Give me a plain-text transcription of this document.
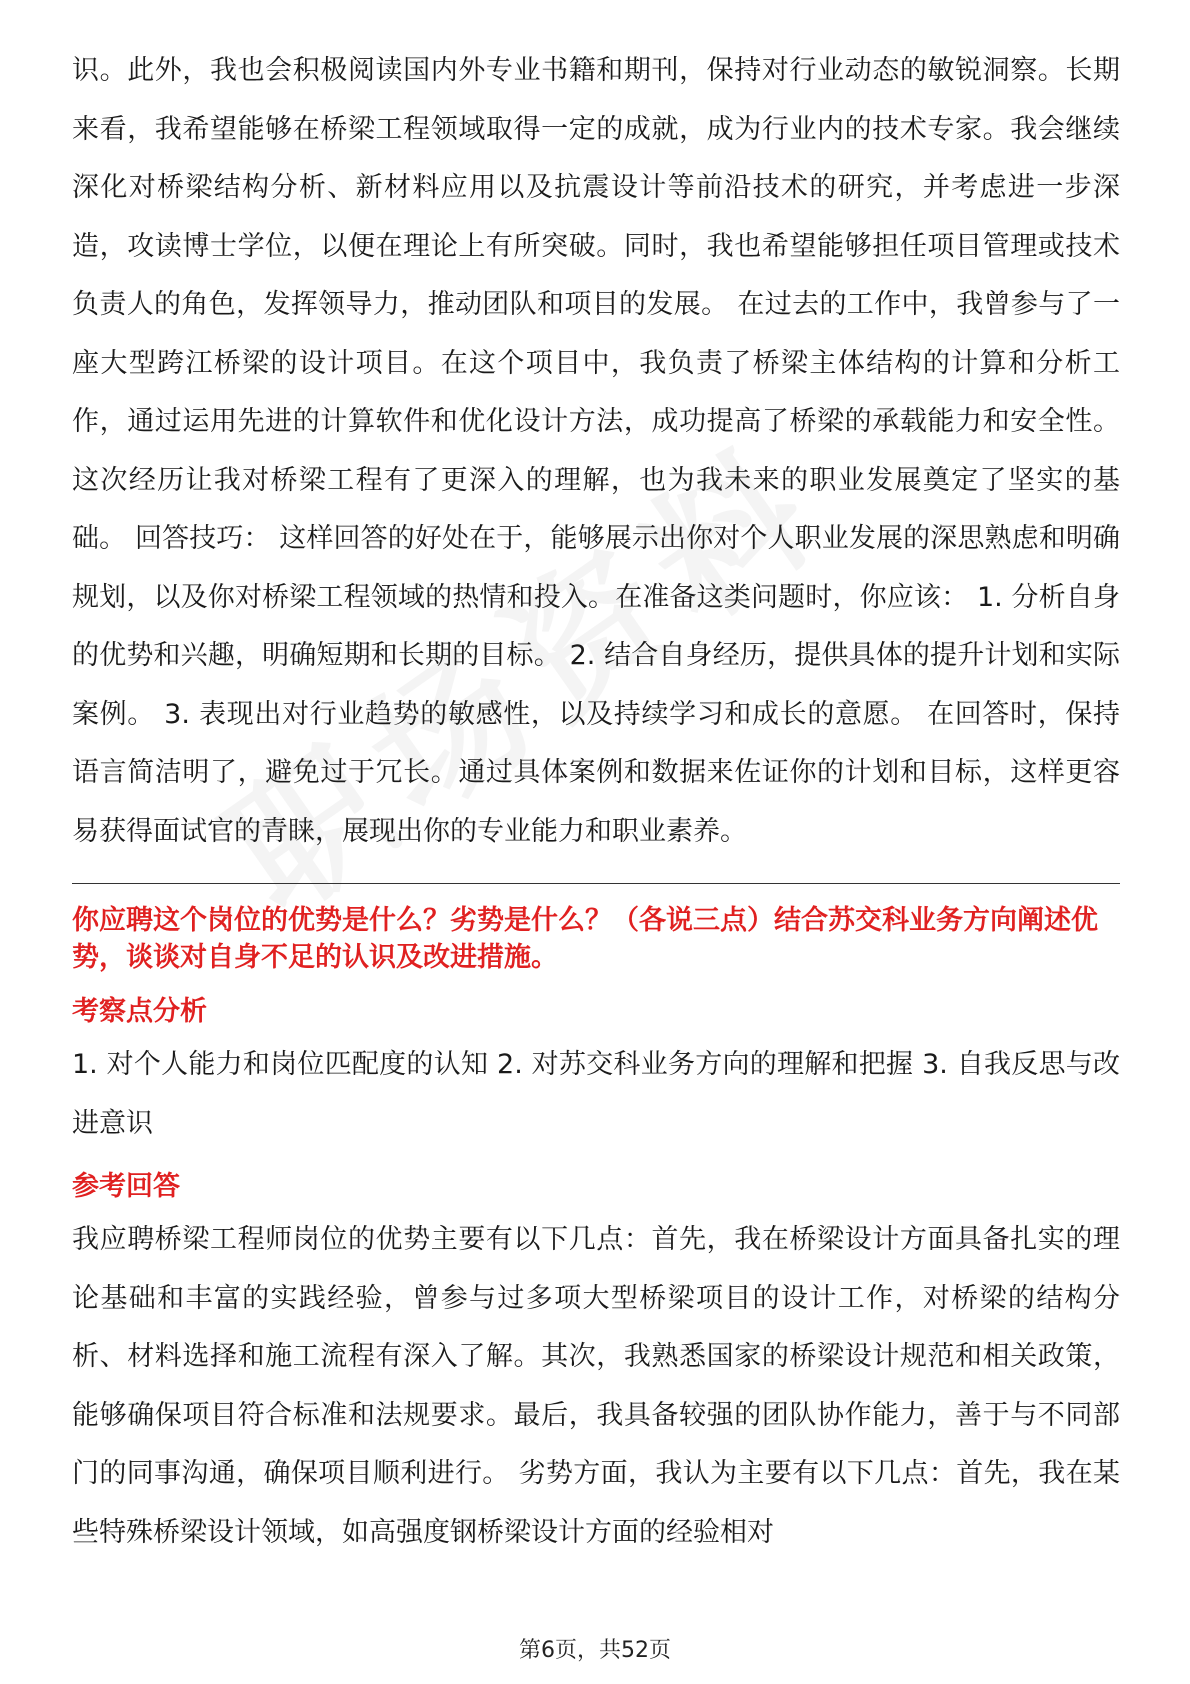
识。此外，我也会积极阅读国内外专业书籍和期刊，保持对行业动态的敏锐洞察。长期来看，我希望能够在桥梁工程领域取得一定的成就，成为行业内的技术专家。我会继续深化对桥梁结构分析、新材料应用以及抗震设计等前沿技术的研究，并考虑进一步深造，攻读博士学位，以便在理论上有所突破。同时，我也希望能够担任项目管理或技术负责人的角色，发挥领导力，推动团队和项目的发展。 在过去的工作中，我曾参与了一座大型跨江桥梁的设计项目。在这个项目中，我负责了桥梁主体结构的计算和分析工作，通过运用先进的计算软件和优化设计方法，成功提高了桥梁的承载能力和安全性。这次经历让我对桥梁工程有了更深入的理解，也为我未来的职业发展奠定了坚实的基础。 回答技巧： 这样回答的好处在于，能够展示出你对个人职业发展的深思熟虑和明确规划，以及你对桥梁工程领域的热情和投入。在准备这类问题时，你应该： 1. 分析自身的优势和兴趣，明确短期和长期的目标。 2. 结合自身经历，提供具体的提升计划和实际案例。 3. 表现出对行业趋势的敏感性，以及持续学习和成长的意愿。 在回答时，保持语言简洁明了，避免过于冗长。通过具体案例和数据来佐证你的计划和目标，这样更容易获得面试官的青睐，展现出你的专业能力和职业素养。

你应聘这个岗位的优势是什么？劣势是什么？（各说三点）结合苏交科业务方向阐述优势，谈谈对自身不足的认识及改进措施。

考察点分析

1. 对个人能力和岗位匹配度的认知 2. 对苏交科业务方向的理解和把握 3. 自我反思与改进意识

参考回答

我应聘桥梁工程师岗位的优势主要有以下几点：首先，我在桥梁设计方面具备扎实的理论基础和丰富的实践经验，曾参与过多项大型桥梁项目的设计工作，对桥梁的结构分析、材料选择和施工流程有深入了解。其次，我熟悉国家的桥梁设计规范和相关政策，能够确保项目符合标准和法规要求。最后，我具备较强的团队协作能力，善于与不同部门的同事沟通，确保项目顺利进行。 劣势方面，我认为主要有以下几点：首先，我在某些特殊桥梁设计领域，如高强度钢桥梁设计方面的经验相对

第6页，共52页
